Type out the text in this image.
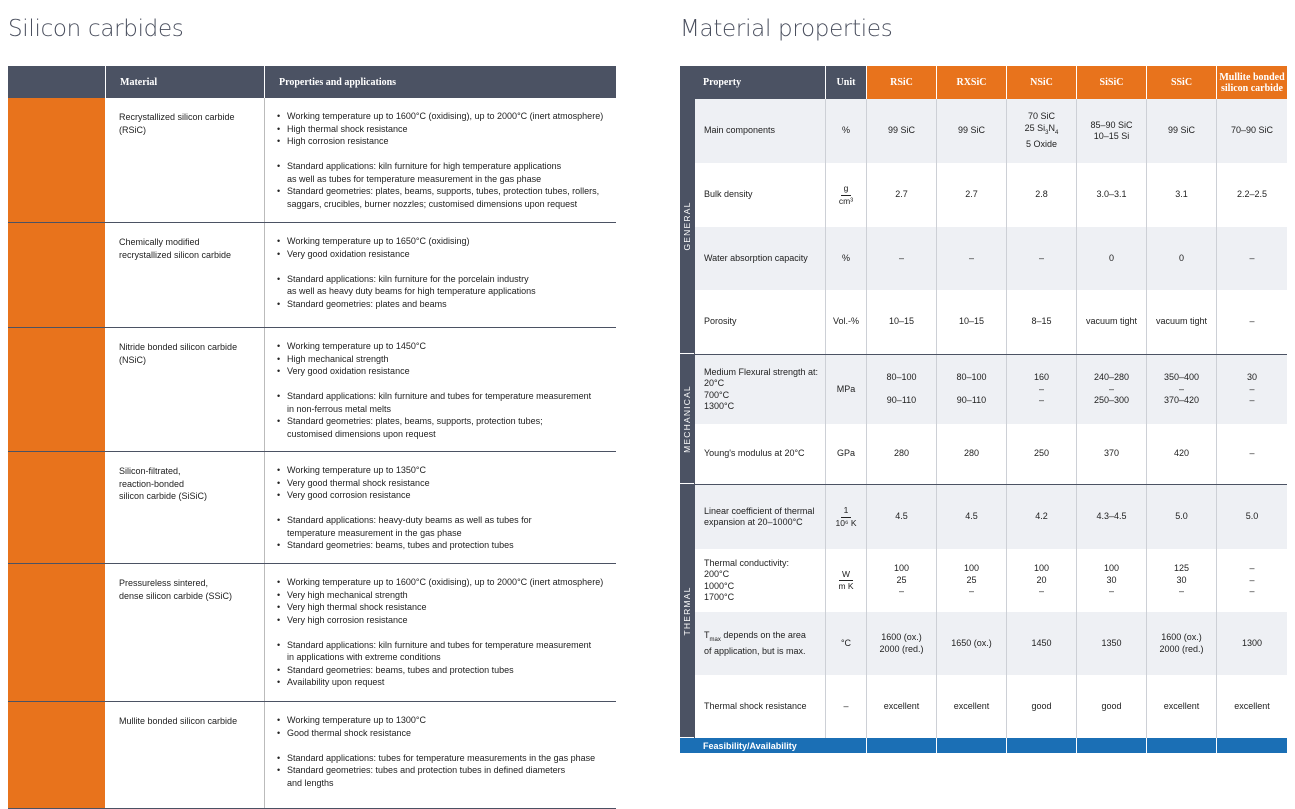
Silicon carbides	Material properties
Material	Properties and applications
Recrystallized silicon carbide
(RSiC)
• Working temperature up to 1600°C (oxidising), up to 2000°C (inert atmosphere)
• High thermal shock resistance
• High corrosion resistance
• Standard applications: kiln furniture for high temperature applications
as well as tubes for temperature measurement in the gas phase
• Standard geometries: plates, beams, supports, tubes, protection tubes, rollers,
saggars, crucibles, burner nozzles; customised dimensions upon request
Chemically modified
recrystallized silicon carbide
• Working temperature up to 1650°C (oxidising)
• Very good oxidation resistance
• Standard applications: kiln furniture for the porcelain industry
as well as heavy duty beams for high temperature applications
• Standard geometries: plates and beams
Nitride bonded silicon carbide
(NSiC)
• Working temperature up to 1450°C
• High mechanical strength
• Very good oxidation resistance
• Standard applications: kiln furniture and tubes for temperature measurement
in non-ferrous metal melts
• Standard geometries: plates, beams, supports, protection tubes;
customised dimensions upon request
Silicon-filtrated,
reaction-bonded
silicon carbide (SiSiC)
• Working temperature up to 1350°C
• Very good thermal shock resistance
• Very good corrosion resistance
• Standard applications: heavy-duty beams as well as tubes for
temperature measurement in the gas phase
• Standard geometries: beams, tubes and protection tubes
Pressureless sintered,
dense silicon carbide (SSiC)
• Working temperature up to 1600°C (oxidising), up to 2000°C (inert atmosphere)
• Very high mechanical strength
• Very high thermal shock resistance
• Very high corrosion resistance
• Standard applications: kiln furniture and tubes for temperature measurement
in applications with extreme conditions
• Standard geometries: beams, tubes and protection tubes
• Availability upon request
Mullite bonded silicon carbide
•	Working temperature up to 1300°C
• Good thermal shock resistance
• Standard applications: tubes for temperature measurements in the gas phase
• Standard geometries: tubes and protection tubes in defined diameters
and lengths
Property	Unit	RSiC	RXSiC	NSiC	SiSiC	SSiC	Mullite bonded
silicon carbide
GENERAL
MECHANICAL
THERMAL
Main components	%	99 SiC	99 SiC
70 SiC
25 $Si_3N_4$
5 Oxide
85–90 SiC
10–15 Si
99 SiC	70–90 SiC
Bulk density	$\frac{g}{\text{cm³}}$	2.7	2.7	2.8	3.0–3.1	3.1	2.2–2.5
Water absorption capacity	%	–	–	–	0	0	–
Porosity	Vol.-%	10–15	10–15	8–15	vacuum tight vacuum tight	–
Medium Flexural strength at:
20°C
700°C
1300°C
MPa
80–100

90–110
80–100

90–110
160
–
–
240–280
–
250–300
350–400
–
370–420
30
–
–
Young's modulus at 20°C	GPa	280	280	250	370	420	–
Linear coefficient of thermal
expansion at 20–1000°C	$\frac{1}{\text{10⁶ K}}$	4.5	4.5	4.2	4.3–4.5	5.0	5.0
Thermal conductivity:
200°C
1000°C
1700°C
$\frac{W}{\text{m K}}$
100
25
–
100
25
–
100
20
–
100
30
–
125
30
–
–
–
–
$T_{max}$ depends on the area
of application, but is max.
°C
1600 (ox.)
2000 (red.)
1650 (ox.)	1450	1350
1600 (ox.)
2000 (red.)
1300
Thermal shock resistance	–	excellent	excellent	good	good	excellent	excellent
Feasibility/Availability
